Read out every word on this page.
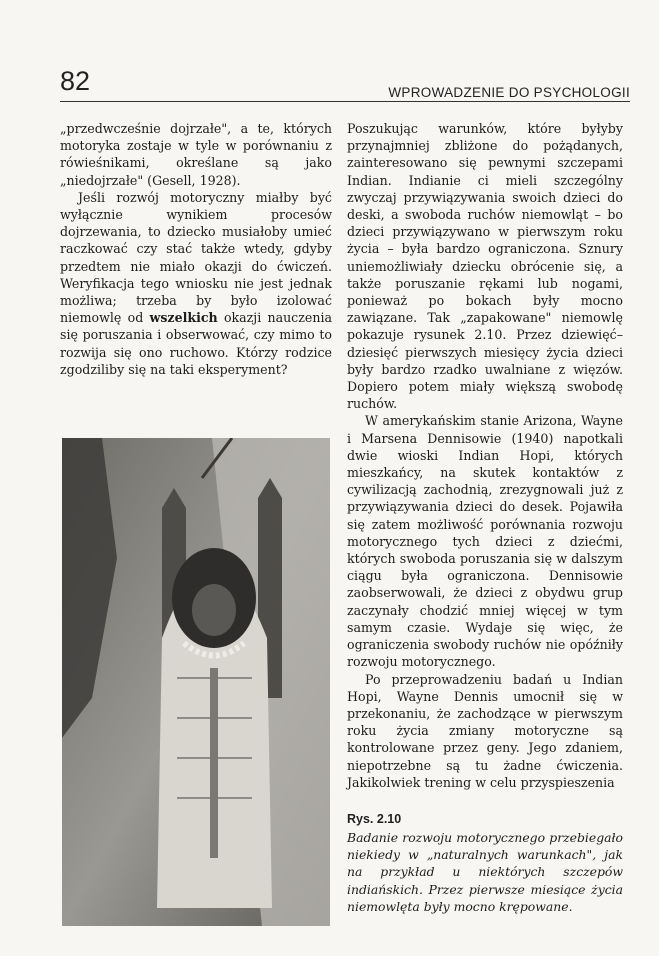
82	WPROWADZENIE DO PSYCHOLOGII

„przedwcześnie dojrzałe", a te, których motoryka zostaje w tyle w porównaniu z rówieśnikami, określane są jako „niedojrzałe" (Gesell, 1928).

Jeśli rozwój motoryczny miałby być wyłącznie wynikiem procesów dojrzewania, to dziecko musiałoby umieć raczkować czy stać także wtedy, gdyby przedtem nie miało okazji do ćwiczeń. Weryfikacja tego wniosku nie jest jednak możliwa; trzeba by było izolować niemowlę od wszelkich okazji nauczenia się poruszania i obserwować, czy mimo to rozwija się ono ruchowo. Którzy rodzice zgodziliby się na taki eksperyment?

Poszukując warunków, które byłyby przynajmniej zbliżone do pożądanych, zainteresowano się pewnymi szczepami Indian. Indianie ci mieli szczególny zwyczaj przywiązywania swoich dzieci do deski, a swoboda ruchów niemowląt – bo dzieci przywiązywano w pierwszym roku życia – była bardzo ograniczona. Sznury uniemożliwiały dziecku obrócenie się, a także poruszanie rękami lub nogami, ponieważ po bokach były mocno zawiązane. Tak „zapakowane" niemowlę pokazuje rysunek 2.10. Przez dziewięć–dziesięć pierwszych miesięcy życia dzieci były bardzo rzadko uwalniane z więzów. Dopiero potem miały większą swobodę ruchów.

W amerykańskim stanie Arizona, Wayne i Marsena Dennisowie (1940) napotkali dwie wioski Indian Hopi, których mieszkańcy, na skutek kontaktów z cywilizacją zachodnią, zrezygnowali już z przywiązywania dzieci do desek. Pojawiła się zatem możliwość porównania rozwoju motorycznego tych dzieci z dziećmi, których swoboda poruszania się w dalszym ciągu była ograniczona. Dennisowie zaobserwowali, że dzieci z obydwu grup zaczynały chodzić mniej więcej w tym samym czasie. Wydaje się więc, że ograniczenia swobody ruchów nie opóźniły rozwoju motorycznego.

Po przeprowadzeniu badań u Indian Hopi, Wayne Dennis umocnił się w przekonaniu, że zachodzące w pierwszym roku życia zmiany motoryczne są kontrolowane przez geny. Jego zdaniem, niepotrzebne są tu żadne ćwiczenia. Jakikolwiek trening w celu przyspieszenia

Rys. 2.10
Badanie rozwoju motorycznego przebiegało niekiedy w „naturalnych warunkach", jak na przykład u niektórych szczepów indiańskich. Przez pierwsze miesiące życia niemowlęta były mocno krępowane.
